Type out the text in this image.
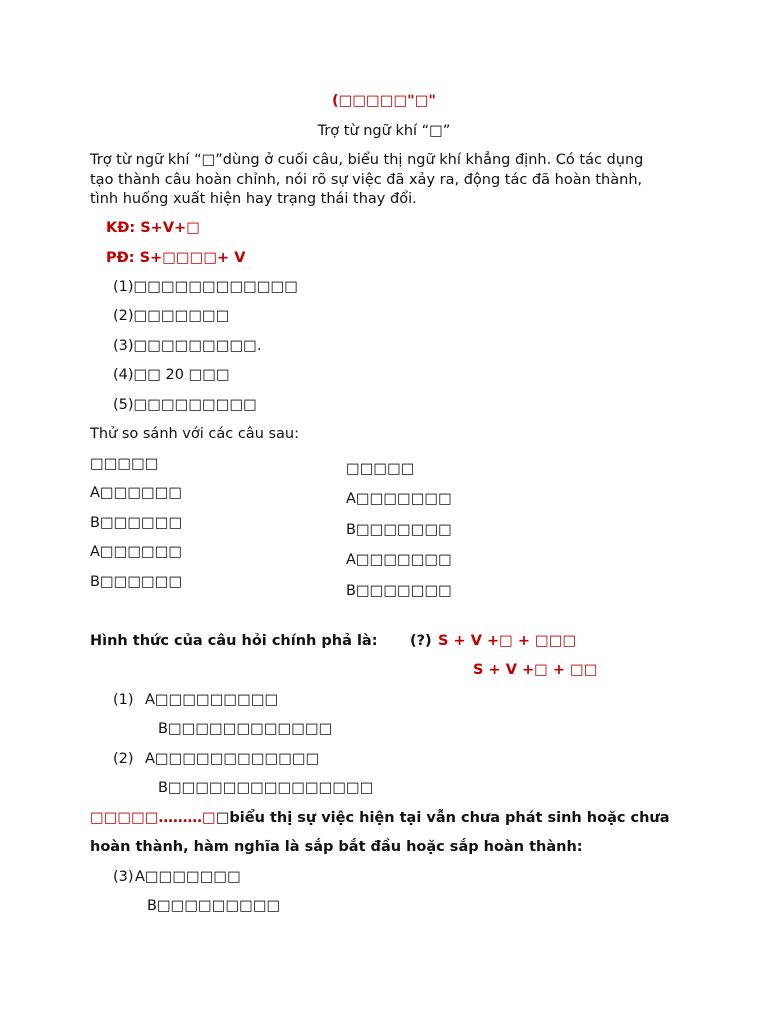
(□□□□□"□"
Trợ từ ngữ khí “□”
Trợ từ ngữ khí “□”dùng ở cuối câu, biểu thị ngữ khí khẳng định. Có tác dụng
tạo thành câu hoàn chỉnh, nói rõ sự việc đã xảy ra, động tác đã hoàn thành,
tình huống xuất hiện hay trạng thái thay đổi.
KĐ: S+V+□
PĐ: S+□□□□+ V
(1)□□□□□□□□□□□□
(2)□□□□□□□
(3)□□□□□□□□□.
(4)□□ 20 □□□
(5)□□□□□□□□□
Thử so sánh với các câu sau:
□□□□□
A□□□□□□
B□□□□□□
A□□□□□□
B□□□□□□
□□□□□
A□□□□□□□
B□□□□□□□
A□□□□□□□
B□□□□□□□
Hình thức của câu hỏi chính phả là: (?) S + V +□ + □□□
S + V +□ + □□
(1) A□□□□□□□□□
B□□□□□□□□□□□□
(2) A□□□□□□□□□□□□
B□□□□□□□□□□□□□□□
□□□□□………□□biểu thị sự việc hiện tại vẫn chưa phát sinh hoặc chưa
hoàn thành, hàm nghĩa là sắp bắt đầu hoặc sắp hoàn thành:
(3) A□□□□□□□
B□□□□□□□□□
